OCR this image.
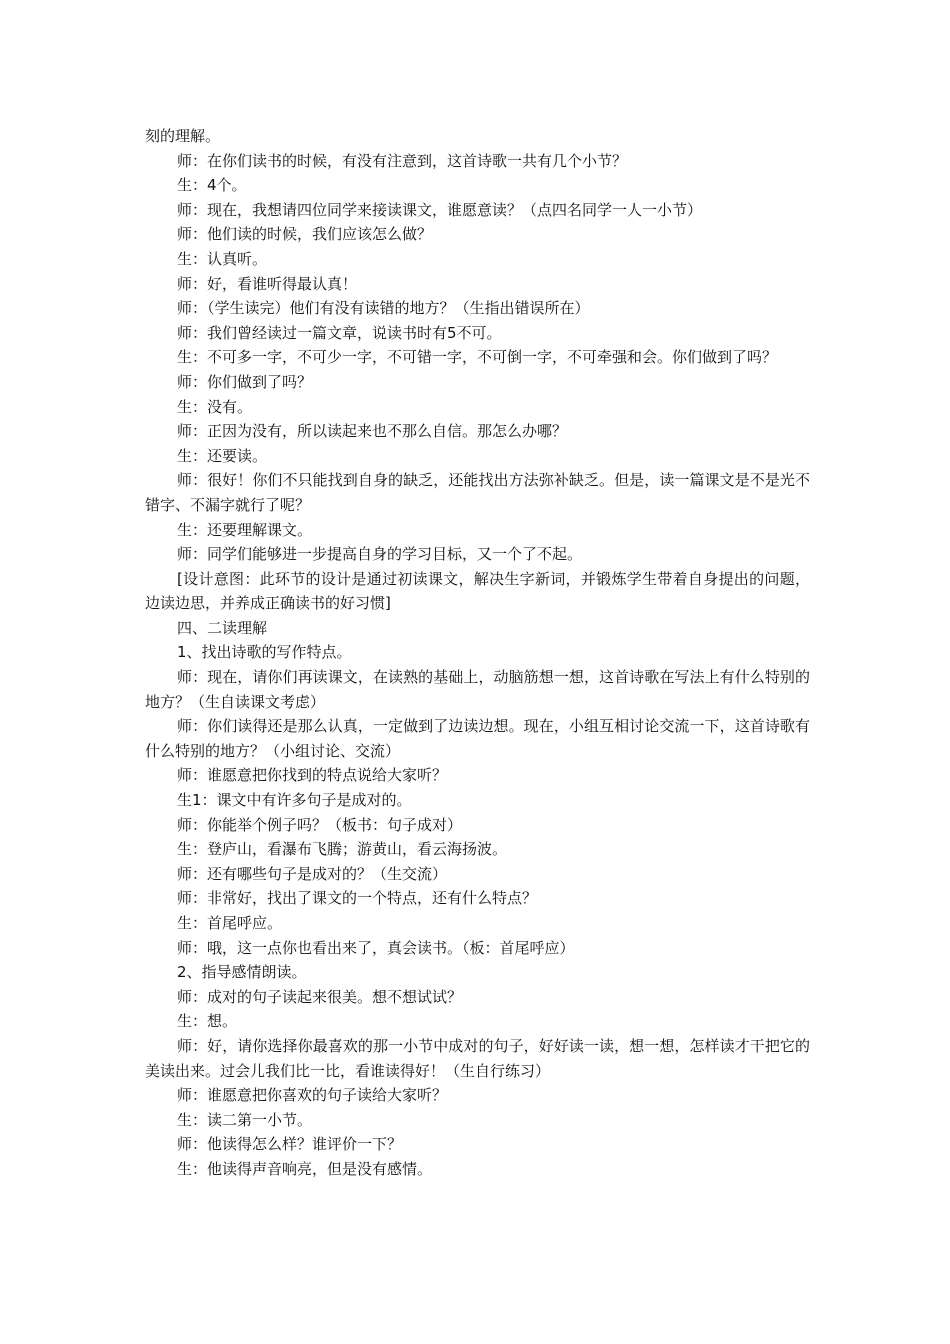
刻的理解。

师：在你们读书的时候，有没有注意到，这首诗歌一共有几个小节？

生：4个。

师：现在，我想请四位同学来接读课文，谁愿意读？（点四名同学一人一小节）

师：他们读的时候，我们应该怎么做？

生：认真听。

师：好，看谁听得最认真！

师：（学生读完）他们有没有读错的地方？（生指出错误所在）

师：我们曾经读过一篇文章，说读书时有5不可。

生：不可多一字，不可少一字，不可错一字，不可倒一字，不可牵强和会。你们做到了吗？

师：你们做到了吗？

生：没有。

师：正因为没有，所以读起来也不那么自信。那怎么办哪？

生：还要读。

师：很好！你们不只能找到自身的缺乏，还能找出方法弥补缺乏。但是，读一篇课文是不是光不错字、不漏字就行了呢？

生：还要理解课文。

师：同学们能够进一步提高自身的学习目标，又一个了不起。

[设计意图：此环节的设计是通过初读课文，解决生字新词，并锻炼学生带着自身提出的问题，边读边思，并养成正确读书的好习惯]

四、二读理解

1、找出诗歌的写作特点。

师：现在，请你们再读课文，在读熟的基础上，动脑筋想一想，这首诗歌在写法上有什么特别的地方？（生自读课文考虑）

师：你们读得还是那么认真，一定做到了边读边想。现在，小组互相讨论交流一下，这首诗歌有什么特别的地方？（小组讨论、交流）

师：谁愿意把你找到的特点说给大家听？

生1：课文中有许多句子是成对的。

师：你能举个例子吗？（板书：句子成对）

生：登庐山，看瀑布飞腾；游黄山，看云海扬波。

师：还有哪些句子是成对的？（生交流）

师：非常好，找出了课文的一个特点，还有什么特点？

生：首尾呼应。

师：哦，这一点你也看出来了，真会读书。（板：首尾呼应）

2、指导感情朗读。

师：成对的句子读起来很美。想不想试试？

生：想。

师：好，请你选择你最喜欢的那一小节中成对的句子，好好读一读，想一想，怎样读才干把它的美读出来。过会儿我们比一比，看谁读得好！（生自行练习）

师：谁愿意把你喜欢的句子读给大家听？

生：读二第一小节。

师：他读得怎么样？谁评价一下？

生：他读得声音响亮，但是没有感情。
